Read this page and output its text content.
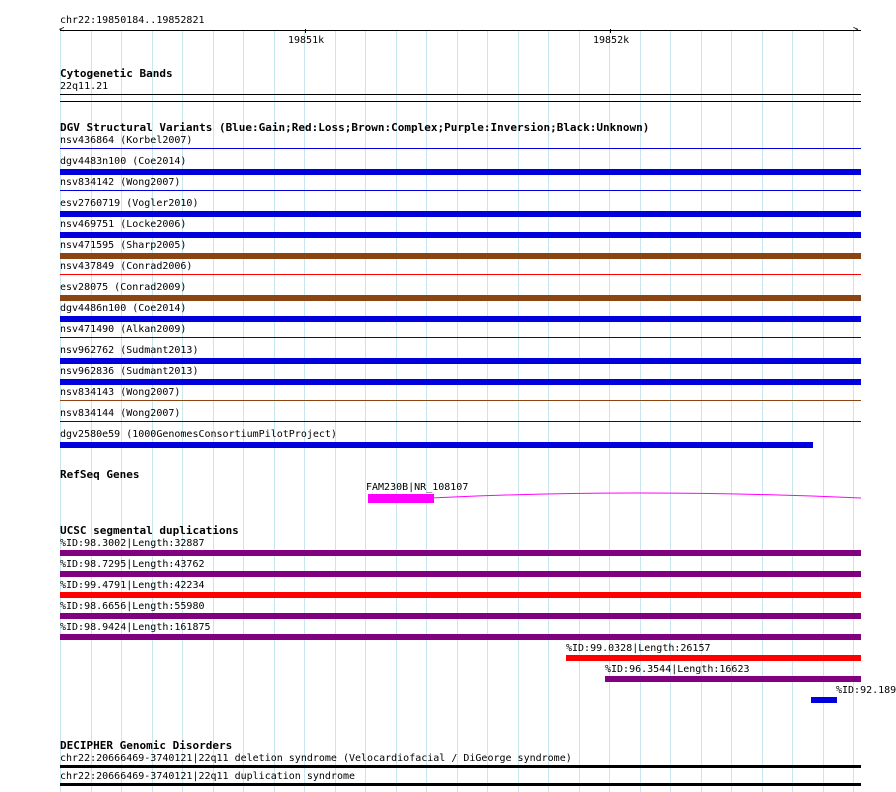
chr22:19850184..19852821
<	>
19851k	19852k
Cytogenetic Bands
22q11.21
DGV Structural Variants (Blue:Gain;Red:Loss;Brown:Complex;Purple:Inversion;Black:Unknown)
nsv436864 (Korbel2007)
dgv4483n100 (Coe2014)
nsv834142 (Wong2007)
esv2760719 (Vogler2010)
nsv469751 (Locke2006)
nsv471595 (Sharp2005)
nsv437849 (Conrad2006)
esv28075 (Conrad2009)
dgv4486n100 (Coe2014)
nsv471490 (Alkan2009)
nsv962762 (Sudmant2013)
nsv962836 (Sudmant2013)
nsv834143 (Wong2007)
nsv834144 (Wong2007)
dgv2580e59 (1000GenomesConsortiumPilotProject)
RefSeq Genes
FAM230B|NR_108107
UCSC segmental duplications
%ID:98.3002|Length:32887
%ID:98.7295|Length:43762
%ID:99.4791|Length:42234
%ID:98.6656|Length:55980
%ID:98.9424|Length:161875
%ID:99.0328|Length:26157
%ID:96.3544|Length:16623
%ID:92.189
DECIPHER Genomic Disorders
chr22:20666469-3740121|22q11 deletion syndrome (Velocardiofacial / DiGeorge syndrome)
chr22:20666469-3740121|22q11 duplication syndrome
